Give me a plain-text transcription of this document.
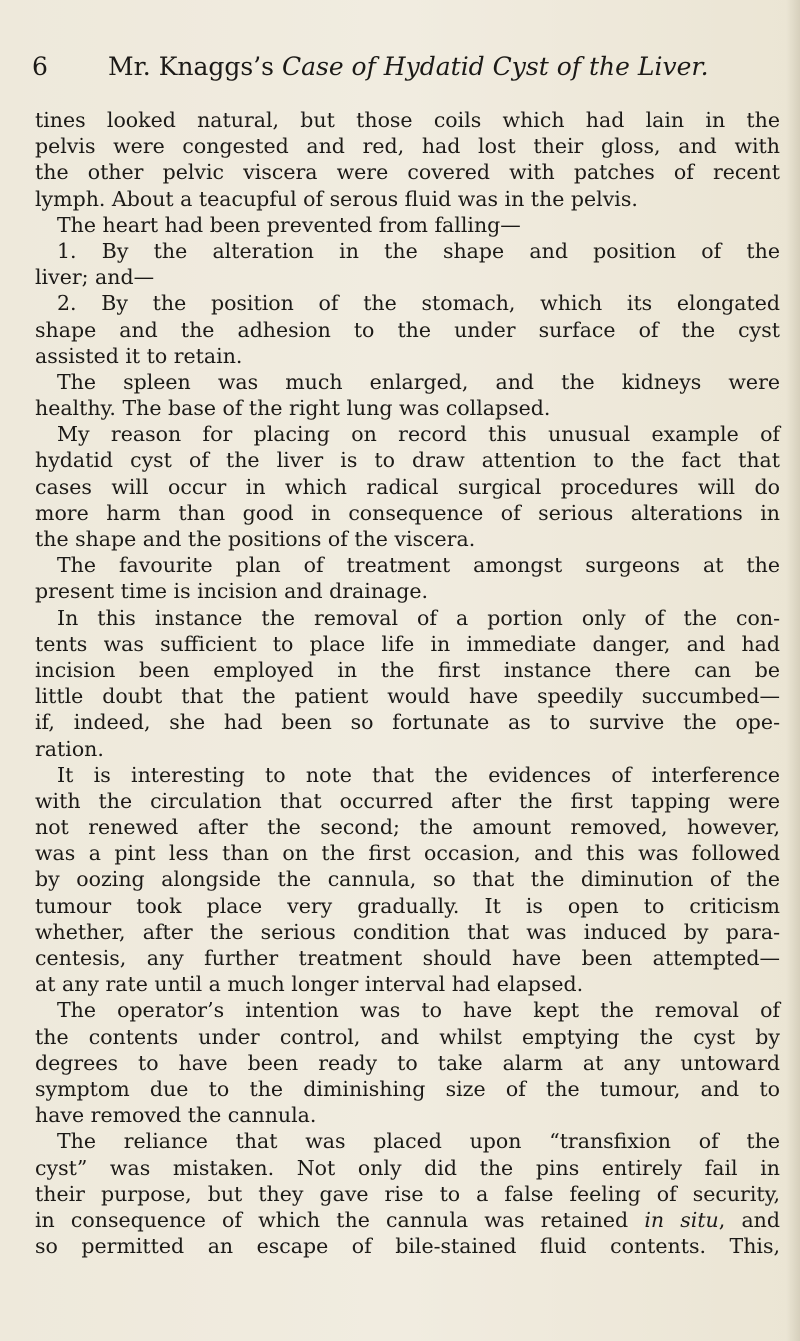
6 Mr. Knaggs’s Case of Hydatid Cyst of the Liver.
tines looked natural, but those coils which had lain in the
pelvis were congested and red, had lost their gloss, and with
the other pelvic viscera were covered with patches of recent
lymph. About a teacupful of serous fluid was in the pelvis.
The heart had been prevented from falling—
1. By the alteration in the shape and position of the
liver; and—
2. By the position of the stomach, which its elongated
shape and the adhesion to the under surface of the cyst
assisted it to retain.
The spleen was much enlarged, and the kidneys were
healthy. The base of the right lung was collapsed.
My reason for placing on record this unusual example of
hydatid cyst of the liver is to draw attention to the fact that
cases will occur in which radical surgical procedures will do
more harm than good in consequence of serious alterations in
the shape and the positions of the viscera.
The favourite plan of treatment amongst surgeons at the
present time is incision and drainage.
In this instance the removal of a portion only of the con-
tents was sufficient to place life in immediate danger, and had
incision been employed in the first instance there can be
little doubt that the patient would have speedily succumbed—
if, indeed, she had been so fortunate as to survive the ope-
ration.
It is interesting to note that the evidences of interference
with the circulation that occurred after the first tapping were
not renewed after the second; the amount removed, however,
was a pint less than on the first occasion, and this was followed
by oozing alongside the cannula, so that the diminution of the
tumour took place very gradually. It is open to criticism
whether, after the serious condition that was induced by para-
centesis, any further treatment should have been attempted—
at any rate until a much longer interval had elapsed.
The operator’s intention was to have kept the removal of
the contents under control, and whilst emptying the cyst by
degrees to have been ready to take alarm at any untoward
symptom due to the diminishing size of the tumour, and to
have removed the cannula.
The reliance that was placed upon “transfixion of the
cyst” was mistaken. Not only did the pins entirely fail in
their purpose, but they gave rise to a false feeling of security,
in consequence of which the cannula was retained in situ, and
so permitted an escape of bile-stained fluid contents. This,
